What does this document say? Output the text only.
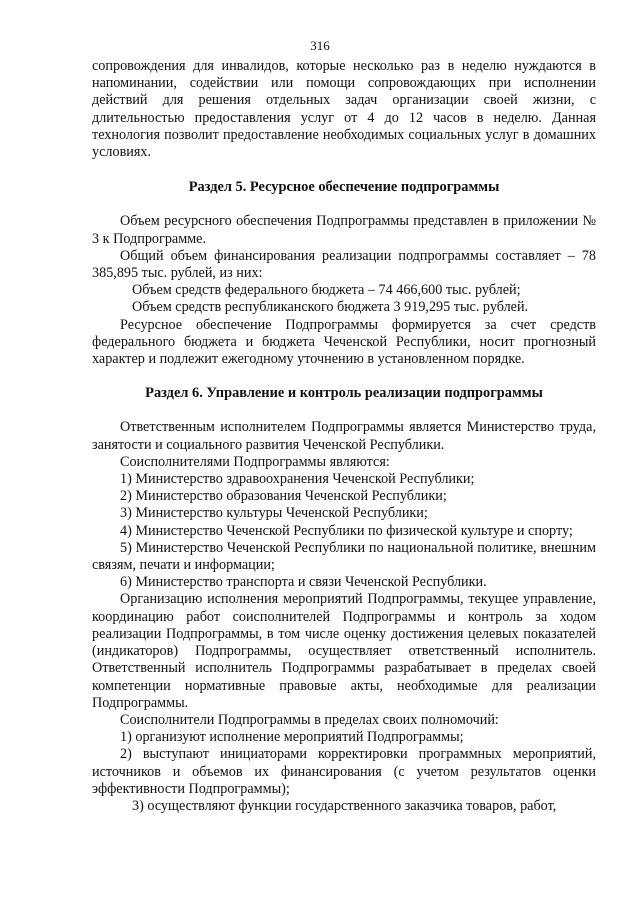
316

сопровождения для инвалидов, которые несколько раз в неделю нуждаются в напоминании, содействии или помощи сопровождающих при исполнении действий для решения отдельных задач организации своей жизни, с длительностью предоставления услуг от 4 до 12 часов в неделю. Данная технология позволит предоставление необходимых социальных услуг в домашних условиях.

Раздел 5. Ресурсное обеспечение подпрограммы

Объем ресурсного обеспечения Подпрограммы представлен в приложении № 3 к Подпрограмме.

Общий объем финансирования реализации подпрограммы составляет – 78 385,895 тыс. рублей, из них:

Объем средств федерального бюджета – 74 466,600 тыс. рублей;

Объем средств республиканского бюджета 3 919,295 тыс. рублей.

Ресурсное обеспечение Подпрограммы формируется за счет средств федерального бюджета и бюджета Чеченской Республики, носит прогнозный характер и подлежит ежегодному уточнению в установленном порядке.

Раздел 6. Управление и контроль реализации подпрограммы

Ответственным исполнителем Подпрограммы является Министерство труда, занятости и социального развития Чеченской Республики.

Соисполнителями Подпрограммы являются:

1) Министерство здравоохранения Чеченской Республики;

2) Министерство образования Чеченской Республики;

3) Министерство культуры Чеченской Республики;

4) Министерство Чеченской Республики по физической культуре и спорту;

5) Министерство Чеченской Республики по национальной политике, внешним связям, печати и информации;

6) Министерство транспорта и связи Чеченской Республики.

Организацию исполнения мероприятий Подпрограммы, текущее управление, координацию работ соисполнителей Подпрограммы и контроль за ходом реализации Подпрограммы, в том числе оценку достижения целевых показателей (индикаторов) Подпрограммы, осуществляет ответственный исполнитель. Ответственный исполнитель Подпрограммы разрабатывает в пределах своей компетенции нормативные правовые акты, необходимые для реализации Подпрограммы.

Соисполнители Подпрограммы в пределах своих полномочий:

1) организуют исполнение мероприятий Подпрограммы;

2) выступают инициаторами корректировки программных мероприятий, источников и объемов их финансирования (с учетом результатов оценки эффективности Подпрограммы);

3) осуществляют функции государственного заказчика товаров, работ,
